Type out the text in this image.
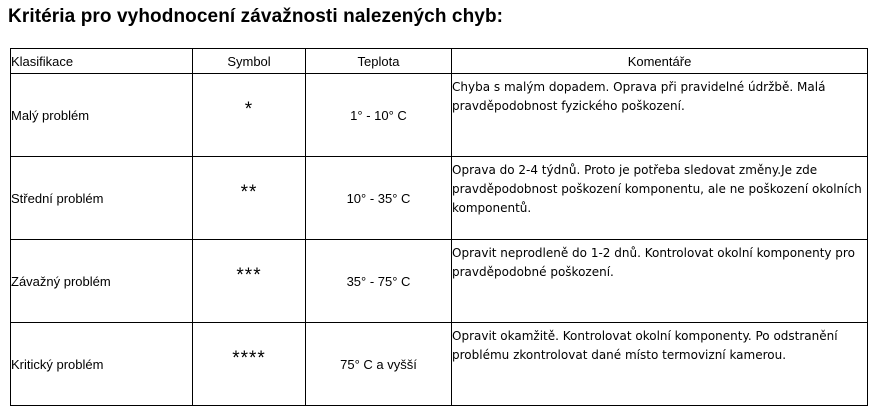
Kritéria pro vyhodnocení závažnosti nalezených chyb:
Klasifikace	Symbol	Teplota	Komentáře
Malý problém	*	1° - 10° C	Chyba s malým dopadem. Oprava při pravidelné údržbě. Malá pravděpodobnost fyzického poškození.

Střední problém	**	10° - 35° C	Oprava do 2-4 týdnů. Proto je potřeba sledovat změny.Je zde pravděpodobnost poškození komponentu, ale ne poškození okolních komponentů.

Závažný problém	***	35° - 75° C	Opravit neprodleně do 1-2 dnů. Kontrolovat okolní komponenty pro pravděpodobné poškození.

Kritický problém	****	75° C a vyšší	Opravit okamžitě. Kontrolovat okolní komponenty. Po odstranění problému zkontrolovat dané místo termovizní kamerou.
